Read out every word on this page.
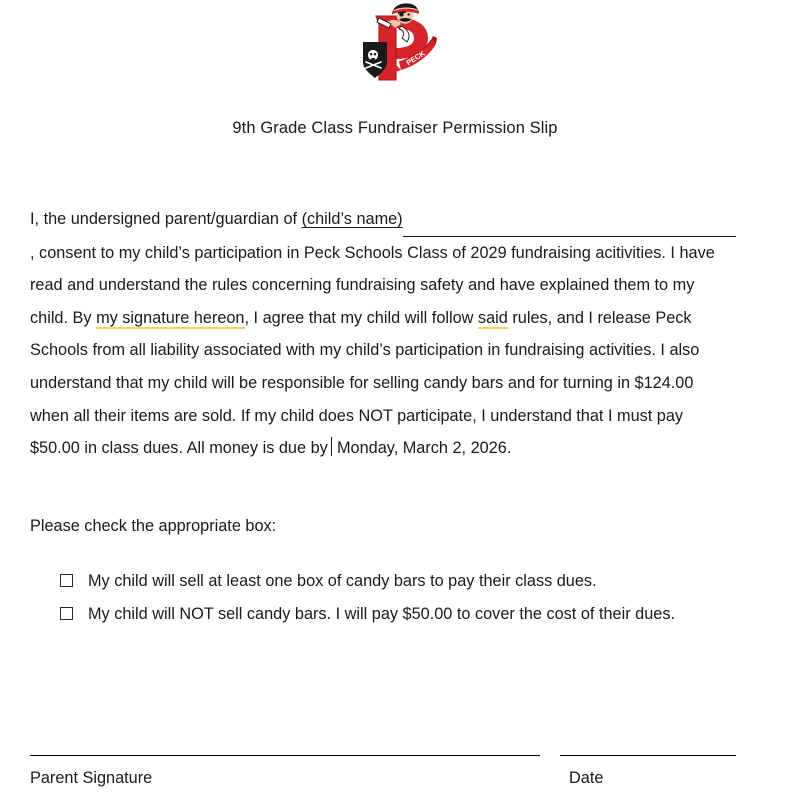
PECK
9th Grade Class Fundraiser Permission Slip
I, the undersigned parent/guardian of (child’s name) , consent to my child’s participation in Peck Schools Class of 2029 fundraising acitivities. I have read and understand the rules concerning fundraising safety and have explained them to my child. By my signature hereon, I agree that my child will follow said rules, and I release Peck Schools from all liability associated with my child’s participation in fundraising activities. I also understand that my child will be responsible for selling candy bars and for turning in $124.00 when all their items are sold. If my child does NOT participate, I understand that I must pay $50.00 in class dues. All money is due by Monday, March 2, 2026.
Please check the appropriate box:
My child will sell at least one box of candy bars to pay their class dues.
My child will NOT sell candy bars. I will pay $50.00 to cover the cost of their dues.
Parent Signature	Date
